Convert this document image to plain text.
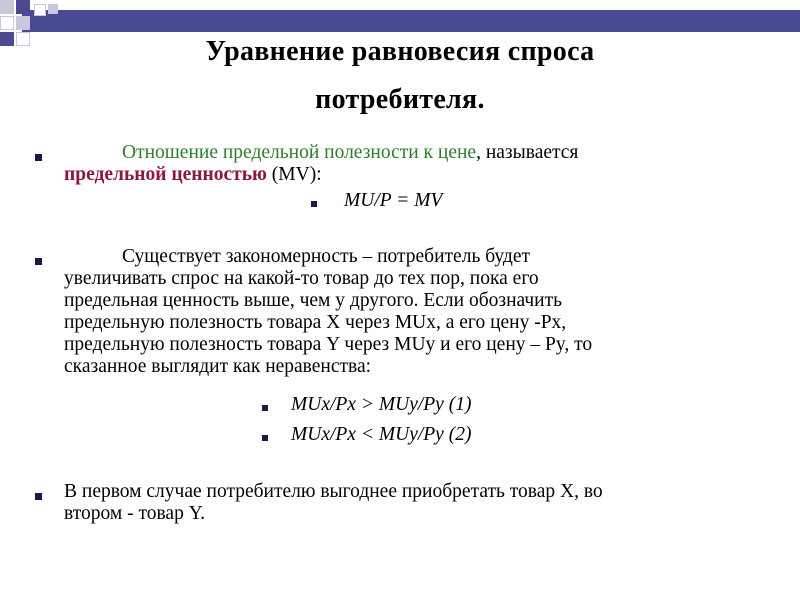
Уравнение равновесия спроса
потребителя.
Отношение предельной полезности к цене, называется
предельной ценностью (MV):
MU/P = MV
Существует закономерность – потребитель будет
увеличивать спрос на какой-то товар до тех пор, пока его
предельная ценность выше, чем у другого. Если обозначить
предельную полезность товара X через MUx, а его цену -Px,
предельную полезность товара Y через MUy и его цену – Py, то
сказанное выглядит как неравенства:
MUx/Px > MUy/Py (1)
MUx/Px < MUy/Py (2)
В первом случае потребителю выгоднее приобретать товар X, во
втором - товар Y.
